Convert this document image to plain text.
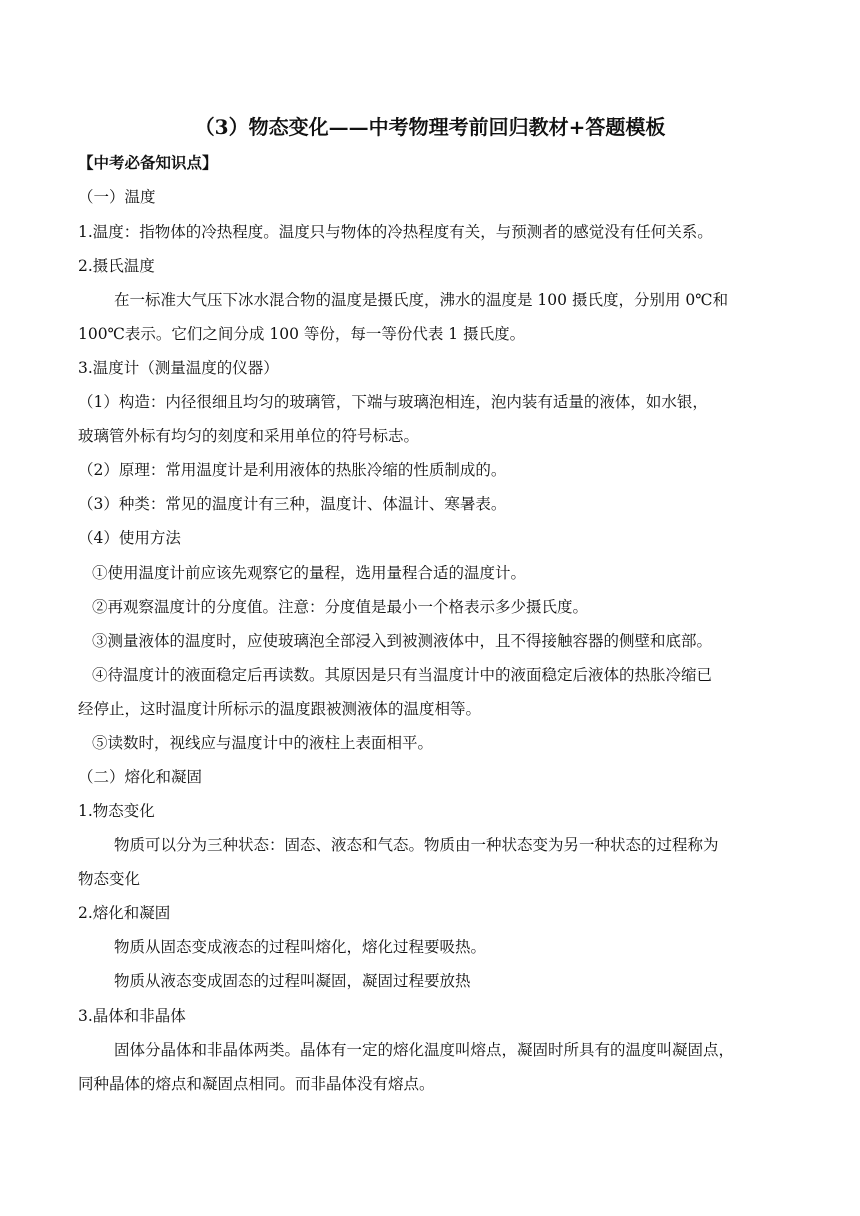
（3）物态变化——中考物理考前回归教材+答题模板
【中考必备知识点】
（一）温度
1.温度：指物体的冷热程度。温度只与物体的冷热程度有关，与预测者的感觉没有任何关系。
2.摄氏温度
在一标准大气压下冰水混合物的温度是摄氏度，沸水的温度是 100 摄氏度，分别用 0℃和
100℃表示。它们之间分成 100 等份，每一等份代表 1 摄氏度。
3.温度计（测量温度的仪器）
（1）构造：内径很细且均匀的玻璃管，下端与玻璃泡相连，泡内装有适量的液体，如水银，
玻璃管外标有均匀的刻度和采用单位的符号标志。
（2）原理：常用温度计是利用液体的热胀冷缩的性质制成的。
（3）种类：常见的温度计有三种，温度计、体温计、寒暑表。
（4）使用方法
①使用温度计前应该先观察它的量程，选用量程合适的温度计。
②再观察温度计的分度值。注意：分度值是最小一个格表示多少摄氏度。
③测量液体的温度时，应使玻璃泡全部浸入到被测液体中，且不得接触容器的侧壁和底部。
④待温度计的液面稳定后再读数。其原因是只有当温度计中的液面稳定后液体的热胀冷缩已
经停止，这时温度计所标示的温度跟被测液体的温度相等。
⑤读数时，视线应与温度计中的液柱上表面相平。
（二）熔化和凝固
1.物态变化
物质可以分为三种状态：固态、液态和气态。物质由一种状态变为另一种状态的过程称为
物态变化
2.熔化和凝固
物质从固态变成液态的过程叫熔化，熔化过程要吸热。
物质从液态变成固态的过程叫凝固，凝固过程要放热
3.晶体和非晶体
固体分晶体和非晶体两类。晶体有一定的熔化温度叫熔点，凝固时所具有的温度叫凝固点，
同种晶体的熔点和凝固点相同。而非晶体没有熔点。
